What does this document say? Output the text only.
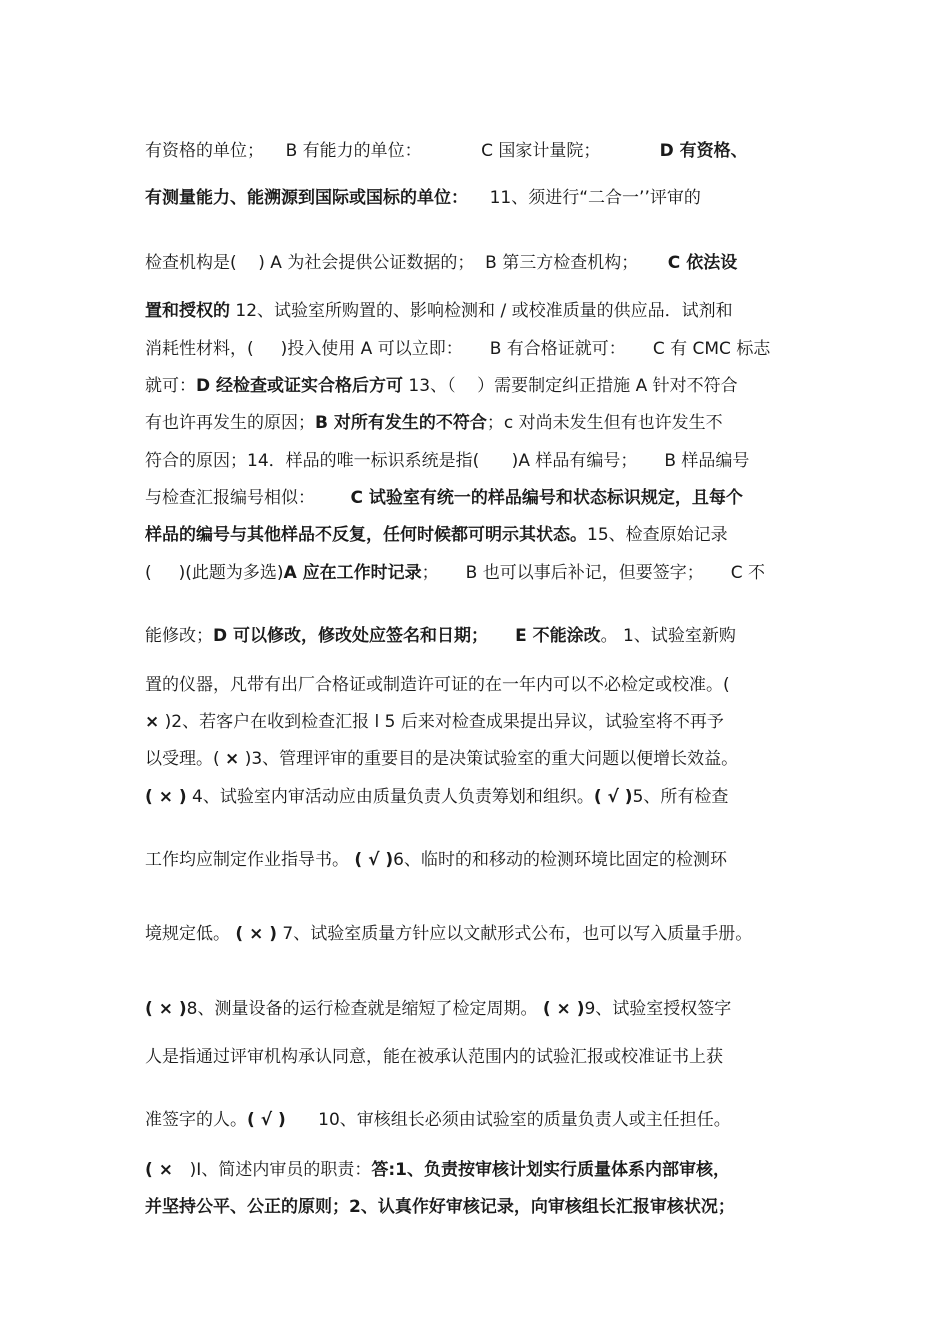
有资格的单位；    B 有能力的单位：           C 国家计量院；          D 有资格、
有测量能力、能溯源到国际或国标的单位：    11、须进行“二合一’’评审的
检查机构是(    ) A 为社会提供公证数据的；  B 第三方检查机构；     C 依法设
置和授权的 12、试验室所购置的、影响检测和 / 或校准质量的供应品．试剂和
消耗性材料，(     )投入使用 A 可以立即：     B 有合格证就可：     C 有 CMC 标志
就可：D 经检查或证实合格后方可 13、（    ）需要制定纠正措施 A 针对不符合
有也许再发生的原因；B 对所有发生的不符合；c 对尚未发生但有也许发生不
符合的原因；14．样品的唯一标识系统是指(      )A 样品有编号；     B 样品编号
与检查汇报编号相似：      C 试验室有统一的样品编号和状态标识规定，且每个
样品的编号与其他样品不反复，任何时候都可明示其状态。15、检查原始记录
(     )(此题为多选)A 应在工作时记录；     B 也可以事后补记，但要签字；     C 不
能修改；D 可以修改，修改处应签名和日期； E 不能涂改。 1、试验室新购
置的仪器，凡带有出厂合格证或制造许可证的在一年内可以不必检定或校准。(
× )2、若客户在收到检查汇报 l 5 后来对检查成果提出异议，试验室将不再予
以受理。( × )3、管理评审的重要目的是决策试验室的重大问题以便增长效益。
( × ) 4、试验室内审活动应由质量负责人负责筹划和组织。( √ )5、所有检查
工作均应制定作业指导书。 ( √ )6、临时的和移动的检测环境比固定的检测环
境规定低。 ( × ) 7、试验室质量方针应以文献形式公布，也可以写入质量手册。
( × )8、测量设备的运行检查就是缩短了检定周期。 ( × )9、试验室授权签字
人是指通过评审机构承认同意，能在被承认范围内的试验汇报或校准证书上获
准签字的人。( √ )      10、审核组长必须由试验室的质量负责人或主任担任。
( ×   )Ⅰ、简述内审员的职责：答:1、负责按审核计划实行质量体系内部审核，
并坚持公平、公正的原则；2、认真作好审核记录，向审核组长汇报审核状况；
